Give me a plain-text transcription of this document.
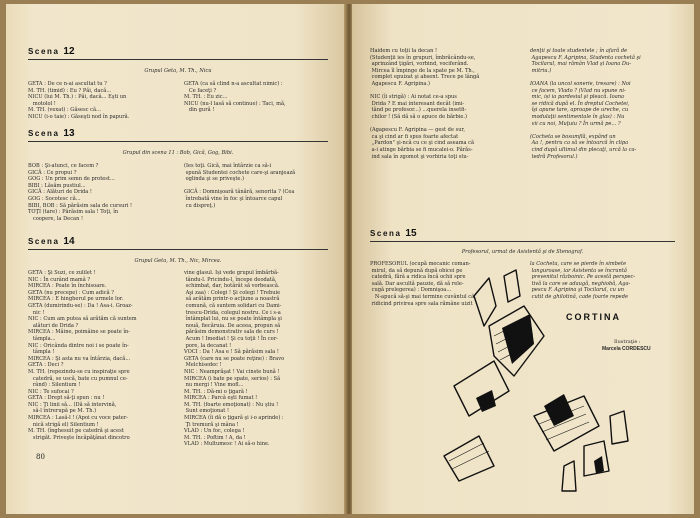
Scena 12
Grupul Geta, M. Th., Nicu
GETA : De ce n-ai ascultat tu ?
M. TH. (timid) : Eu ? Păi, dacă...
NICU (lui M. Th.) : Păi, dacă... Eşti un
motolol !
M. TH. (vexat) : Găsesc că...
NICU (i-o taie) : Găseşti nod în papură.
GETA (ca să clind n-a ascultat nimic) :
Ce faceţi ?
M. TH. : Eu zic...
NICU (nu-l lasă să continue) : Taci, mă,
din gură !
Scena 13
Grupul din scena 11 : Bob, Gică, Gog, Bibi.
BOB : Şi-atunci, ce facem ?
GICĂ : Ce propui ?
GOG : Un prim semn de protest...
BIBI : Lăsăm pustiul...
GICĂ : Alături de Drida !
GOG : Socotesc că...
BIBI, BOB : Să părăsim sala de cursuri !
TOŢI (tare) : Părăsim sala ! Toţi, în
coopere, la Decan !
(Ies toţi. Gică, mai întârzie ca să-i
spună Studentei cochete care-şi aranjează
oglinda şi se priveşte.)

GICĂ : Domnişoară tânără, senorita ? (Cea
întrebată vine în foc şi întoarce capul
cu dispreţ.)
Scena 14
Grupul Geta, M. Th., Nic, Mircea.
GETA : Şi Suzi, ce zulilet !
NIC : În curând mamă ?
MIRCEA : Poate în închisoare.
GETA (nu precepe) : Cum adică ?
MIRCEA : E hingherul pe urmele lor.
GETA (dumirindu-se) : Da ! Asa-i. Groaz-
nic !
NIC : Cum am putea să arătăm că suntem
alături de Drida ?
MIRCEA : Mâine, poimâine se poate în-
tâmpla...
NIC : Oricânda dintre noi i se poate în-
tâmpla !
MIRCEA : Şi asta nu va întârzia, dacă...
GETA : Deci ?
M. TH. (repezindu-se cu inspiraţie spre
catedră, se uscă, bate cu pumnul ce-
rând) : Silentium !
NIC : Te sufocai ?
GETA : Drept să-ţi spun : nu !
NIC : Ţi linii să... (Dă să intervină,
să-l întrerupă pe M. Th.)
MIRCEA : Lasă-l ! (Apoi cu voce pater-
nică strigă el) Silentium !
M. TH. (înghesuit pe catedră şi acest
strigăt. Priveşte încăpăţânat dincotro
vine glasul. Iși vede grupul îmbărbă-
tându-l. Pricindu-l, începe deodată,
schimbat, dar, hotărât să vorbească.
Aşi zaa) : Colegi ! Şi colegi ! Trebuie
să arătăm printr-o acţiune a noastră
comună, că suntem solidari cu Dami-
trescu-Drida, colegul nostru. Ce i s-a
întâmplat lui, nu se poate întâmpla şi
nouă, fiecăruia. De aceea, propun să
părăsim demonstrativ sala de curs !
Acum ! Imediat ! Şi cu toţii ! În cor-
pore, la decanat !
VOCI : Da ! Asa e ! Să părăsim sala !
GETA (care nu se poate reţine) : Bravo
Melchisedec !
NIC : Neamprăşat ! Vai cinste bună !
MIRCEA (i bate pe spate, serios) : Să
nu mergi ! Vine mofl...
M. TH. : Dă-mi o ţigară !
MIRCEA : Parcă eşti fumat !
M. TH. (foarte emoţionat) : Nu ştiu !
Sunt emoţionat !
MIRCEA (îi dă o ţigară şi i-o aprinde) :
Ţi tremură şi mâna !
VLAD : Un foc, colega !
M. TH. : Poftim ! A, da !
VLAD : Multumesc ! Ai să-o hine.
80
Haidem cu toţii la decan !
(Studenţii ies în grupuri, îmbrăcându-se,
aprinzând ţigări, vorbind, vociferând.
Mircea îl împinge de la spate pe M. Th.,
complet epuizat şi absent. Trece pe lângă
Agapescu F. Agripina.)

NIC (îi strigă) : Ai notat ce-a spus
Drida ? E mai interesant decât (imi-
tând pe profesor...) ...querela insetfi-
chilor ! (Să dă să o apuce de bărbie.)

(Agapescu F. Agripina — gest de sur,
ca şi cind ar fi spus foarte afectat
„Pardon" şi-ncă cu ce şi cind aseama că
a-i atinge bărbia se fi mucalei-o. Părăs-
ind sala în zgomot şi vorbiria toţi stu-
denţii şi toate studentele ; în afară de
Agapescu F. Agripina, Studenta cochetă şi
Tocilarul, mai rămân Vlad şi Ioana Du-
mitriu.)

IOANA (la uncol sonerie, tresare) : Noi
ce facem, Vlado ? (Vlad nu spune ni-
mic, iși ia pardesiul şi pleacă. Ioana
se ridică după el. În dreptul Cochetei,
îşi apune tare, aproape de ureche, cu
modulaţii sentimentale în glas) : Nu
vii cu noi, Muţuiu ? În urmă pe... ?

(Cocheta se bosumflă, expând un
Aa !, pentru ca să se întoarcă în clipa
cind după ultimul din plecaţi, urcă la ca-
tedră Profesorul.)
Scena 15
Profesorul, urmat de Asistentă şi de Stenograf.
PROFESORUL (ocupă mecanic coman-
mirul, da să depună după obicei pe
catedră, fără a ridica încă ochii spre
sală. Dar ascultă pauzie, dă să rele-
cugă prelegerea) : Domnişoa...
N-apucă să-şi mai termine cuvântul că,
ridicind privirea spre sala rămâne uizit
la Cocheta, care se pierde în simbete
languroase, iar Asistenta se încruntă
prevenitul războinic. Pe acestă perspec-
tivă la care se adaugă, neghiobă, Aga-
pescu F. Agripina şi Tocilarul, cu un
cutit de ghilotină, cade foarte repede
CORTINA
Ilustraţie :
Marcela CORDESCU
